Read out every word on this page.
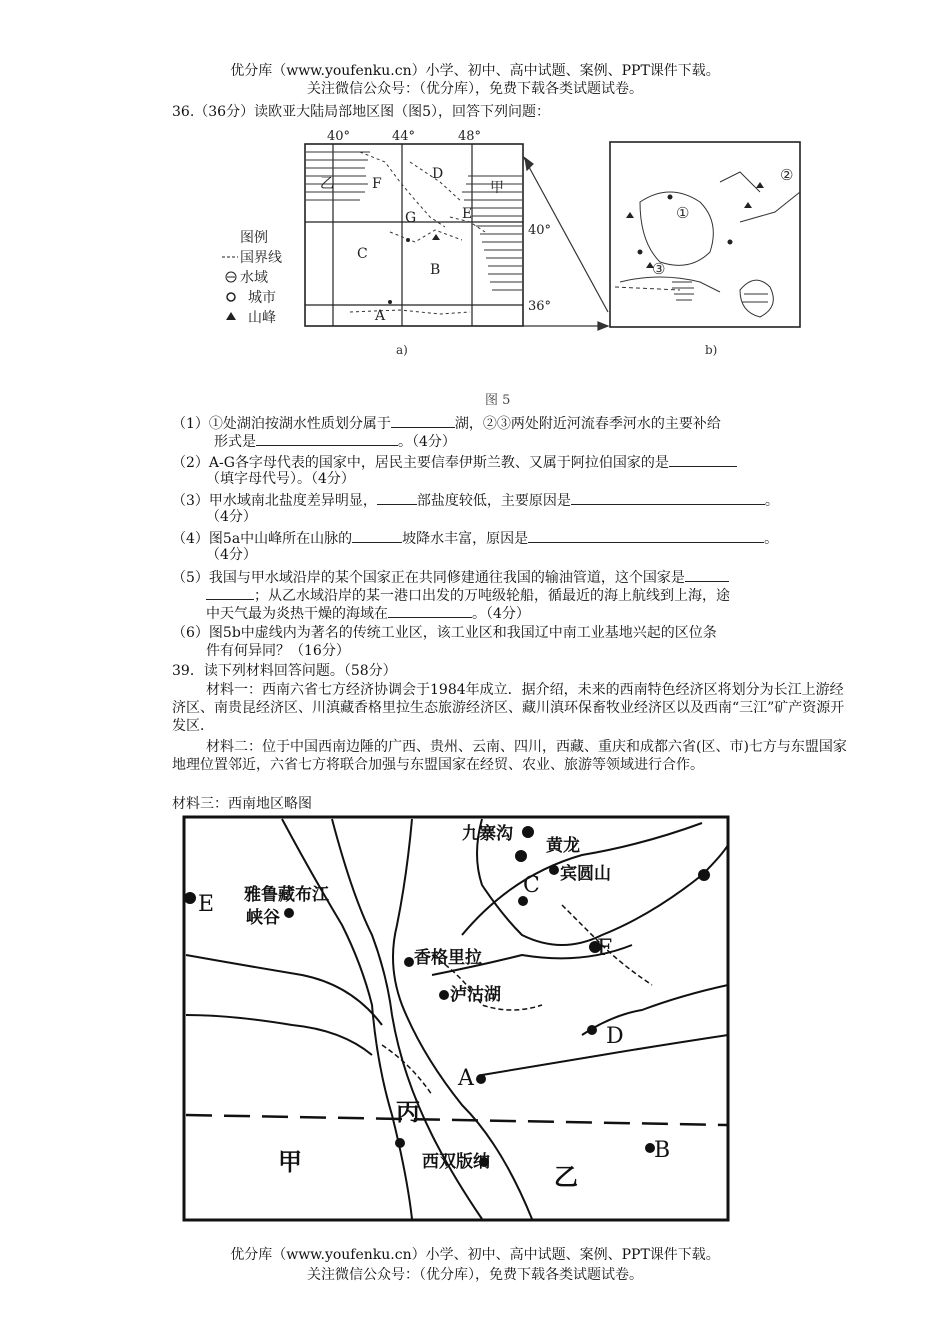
优分库（www.youfenku.cn）小学、初中、高中试题、案例、PPT课件下载。
关注微信公众号：（优分库），免费下载各类试题试卷。
36.（36分）读欧亚大陆局部地区图（图5），回答下列问题：
乙	F
D
甲
G	E
C
B
A
40°	44°	48°
40°
36°
a)
图例
国界线
水域
城市
山峰
①
②
③
b)
图 5
（1）①处湖泊按湖水性质划分属于	湖，②③两处附近河流春季河水的主要补给
形式是	。（4分）
（2）A-G各字母代表的国家中，居民主要信奉伊斯兰教、又属于阿拉伯国家的是
（填字母代号）。（4分）
（3）甲水域南北盐度差异明显，	部盐度较低，主要原因是	。
（4分）
（4）图5a中山峰所在山脉的	坡降水丰富，原因是	。
（4分）
（5）我国与甲水域沿岸的某个国家正在共同修建通往我国的输油管道，这个国家是
；从乙水域沿岸的某一港口出发的万吨级轮船，循最近的海上航线到上海，途
中天气最为炎热干燥的海域在	。（4分）
（6）图5b中虚线内为著名的传统工业区，该工业区和我国辽中南工业基地兴起的区位条
件有何异同？（16分）
39．读下列材料回答问题。（58分）
材料一：西南六省七方经济协调会于1984年成立．据介绍，未来的西南特色经济区将划分为长江上游经济区、南贵昆经济区、川滇藏香格里拉生态旅游经济区、藏川滇环保畜牧业经济区以及西南“三江”矿产资源开发区．
材料二：位于中国西南边陲的广西、贵州、云南、四川，西藏、重庆和成都六省(区、市)七方与东盟国家地理位置邻近，六省七方将联合加强与东盟国家在经贸、农业、旅游等领域进行合作。
材料三：西南地区略图
九寨沟
黄龙
宾圆山
雅鲁藏布江
峡谷
香格里拉
泸沽湖
西双版纳
E
C
F
D
A
B
甲
乙
丙
优分库（www.youfenku.cn）小学、初中、高中试题、案例、PPT课件下载。
关注微信公众号：（优分库），免费下载各类试题试卷。
